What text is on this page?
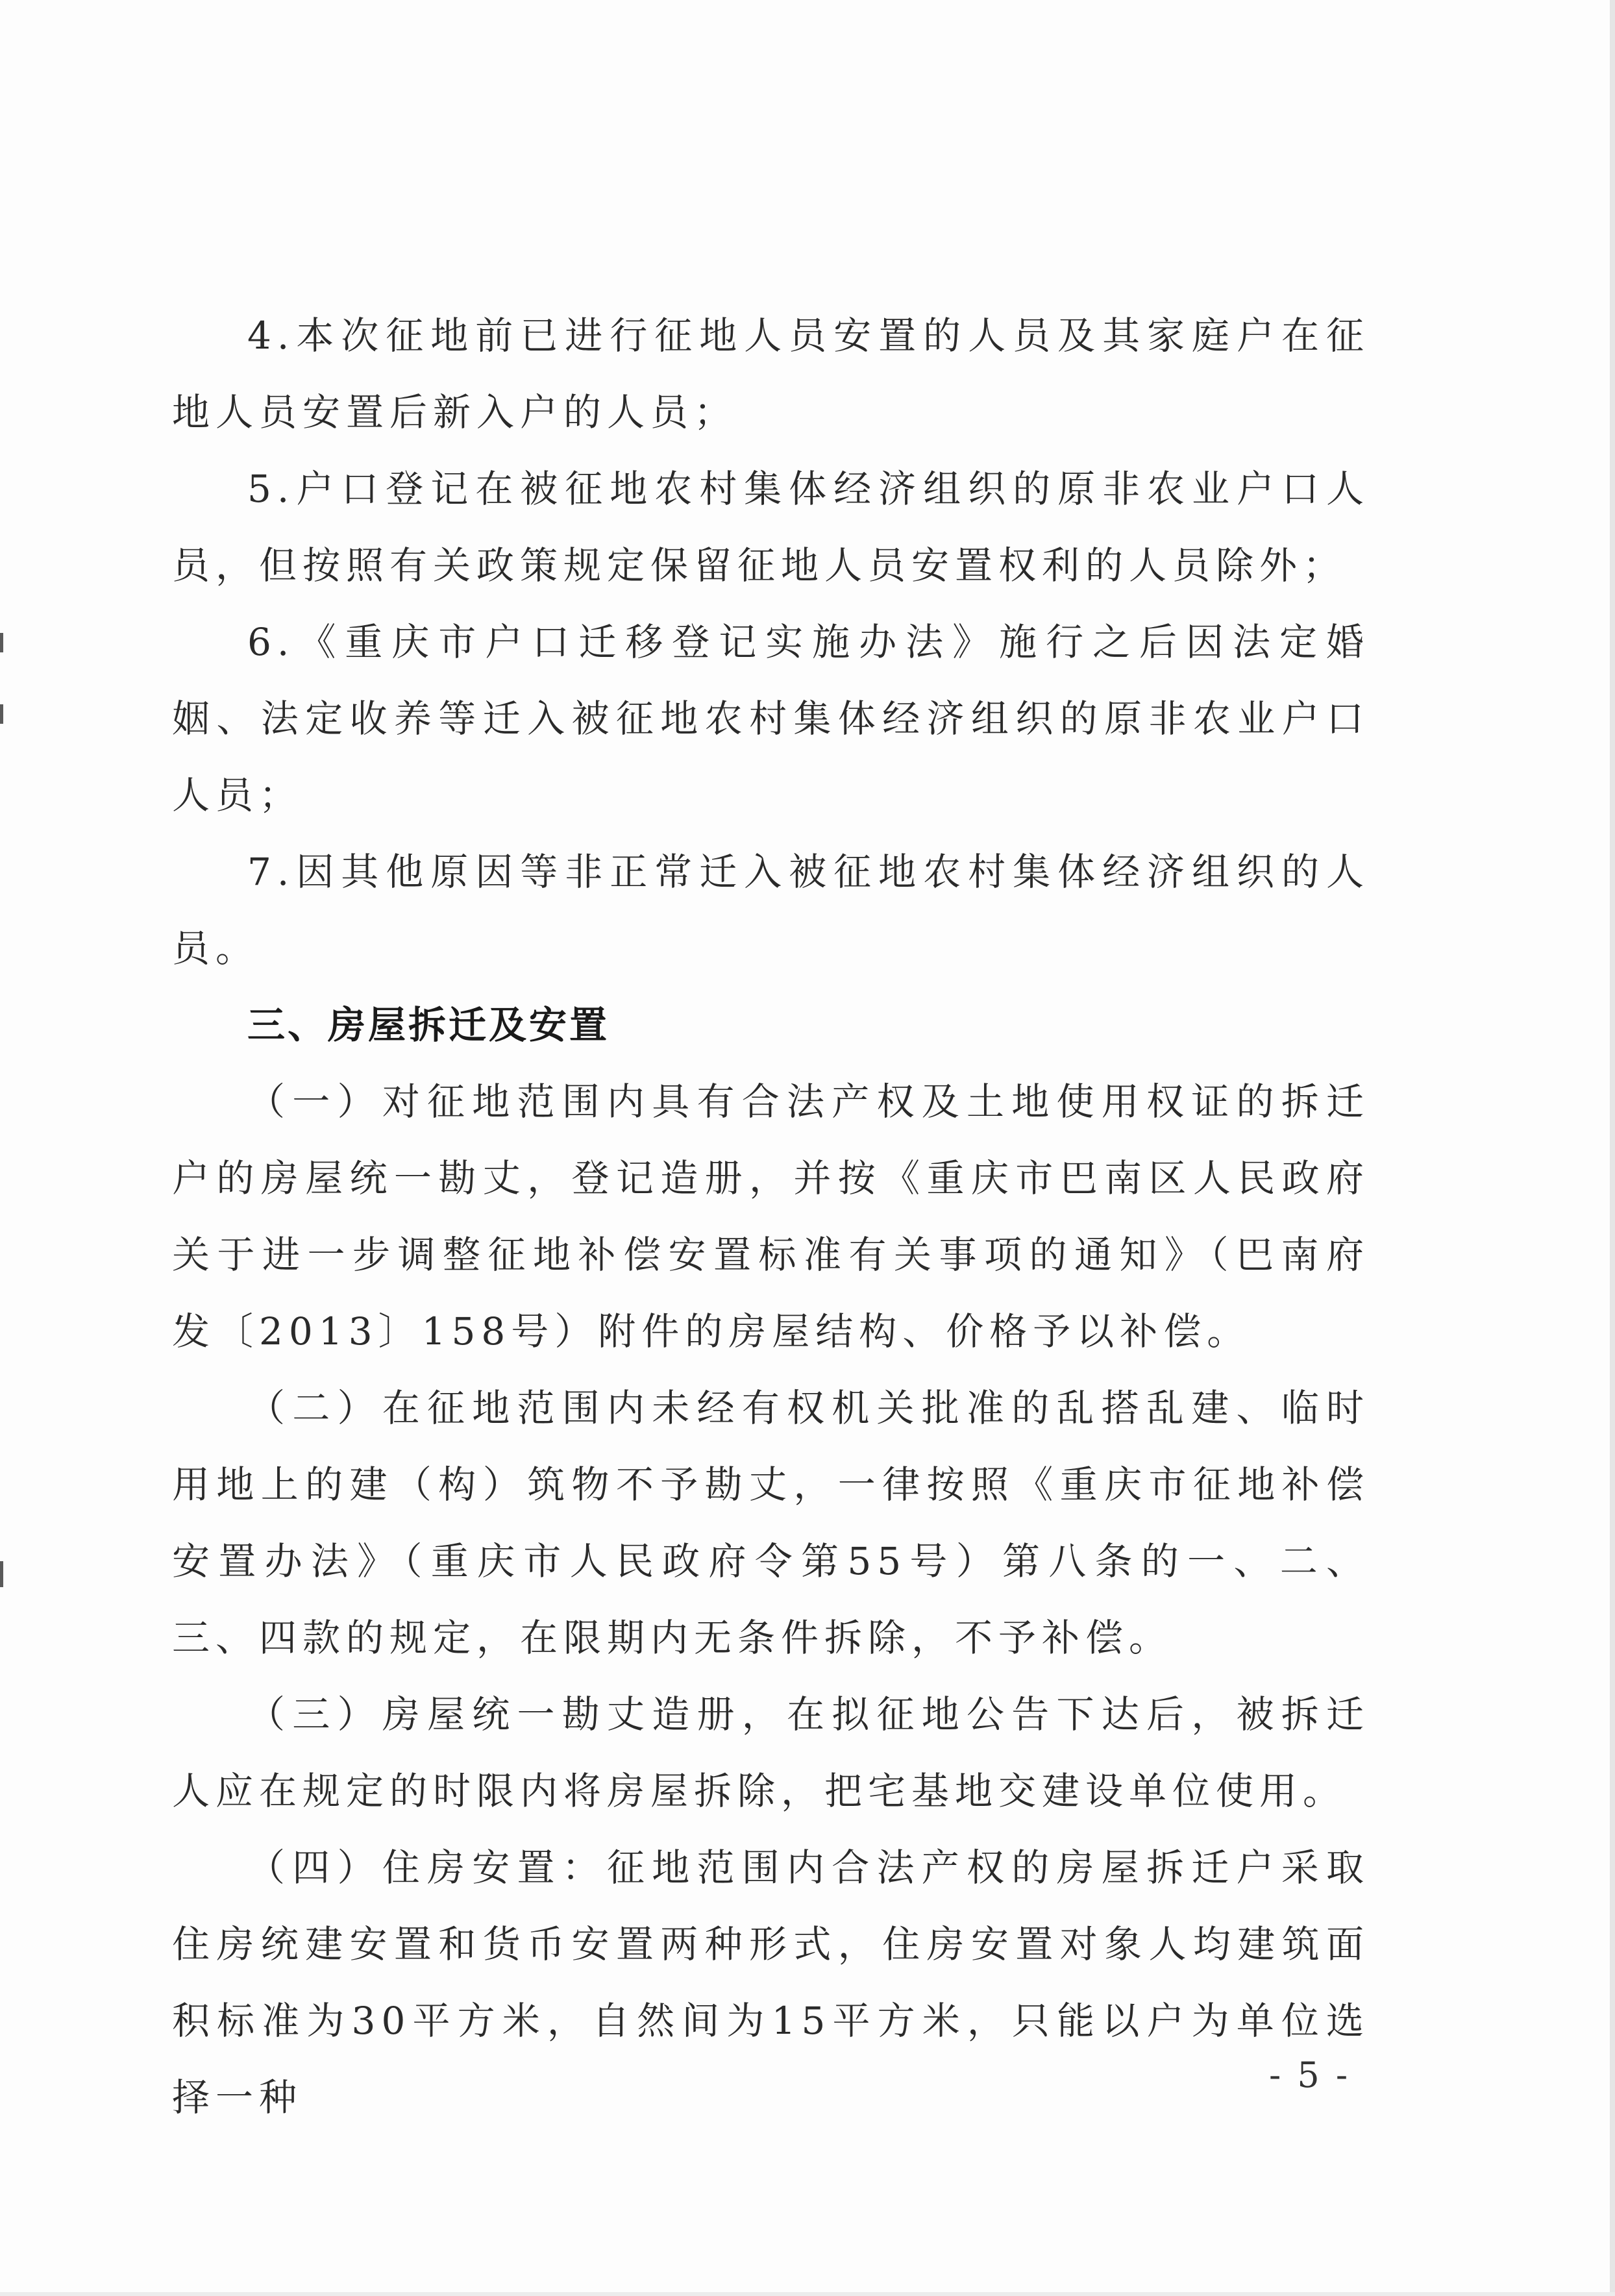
4.本次征地前已进行征地人员安置的人员及其家庭户在征地人员安置后新入户的人员；

5.户口登记在被征地农村集体经济组织的原非农业户口人员，但按照有关政策规定保留征地人员安置权利的人员除外；

6.《重庆市户口迁移登记实施办法》施行之后因法定婚姻、法定收养等迁入被征地农村集体经济组织的原非农业户口人员；

7.因其他原因等非正常迁入被征地农村集体经济组织的人员。

三、房屋拆迁及安置

（一）对征地范围内具有合法产权及土地使用权证的拆迁户的房屋统一勘丈，登记造册，并按《重庆市巴南区人民政府关于进一步调整征地补偿安置标准有关事项的通知》（巴南府发〔2013〕158号）附件的房屋结构、价格予以补偿。

（二）在征地范围内未经有权机关批准的乱搭乱建、临时用地上的建（构）筑物不予勘丈，一律按照《重庆市征地补偿安置办法》（重庆市人民政府令第55号）第八条的一、二、三、四款的规定，在限期内无条件拆除，不予补偿。

（三）房屋统一勘丈造册，在拟征地公告下达后，被拆迁人应在规定的时限内将房屋拆除，把宅基地交建设单位使用。

（四）住房安置：征地范围内合法产权的房屋拆迁户采取住房统建安置和货币安置两种形式，住房安置对象人均建筑面积标准为30平方米，自然间为15平方米，只能以户为单位选择一种

- 5 -
